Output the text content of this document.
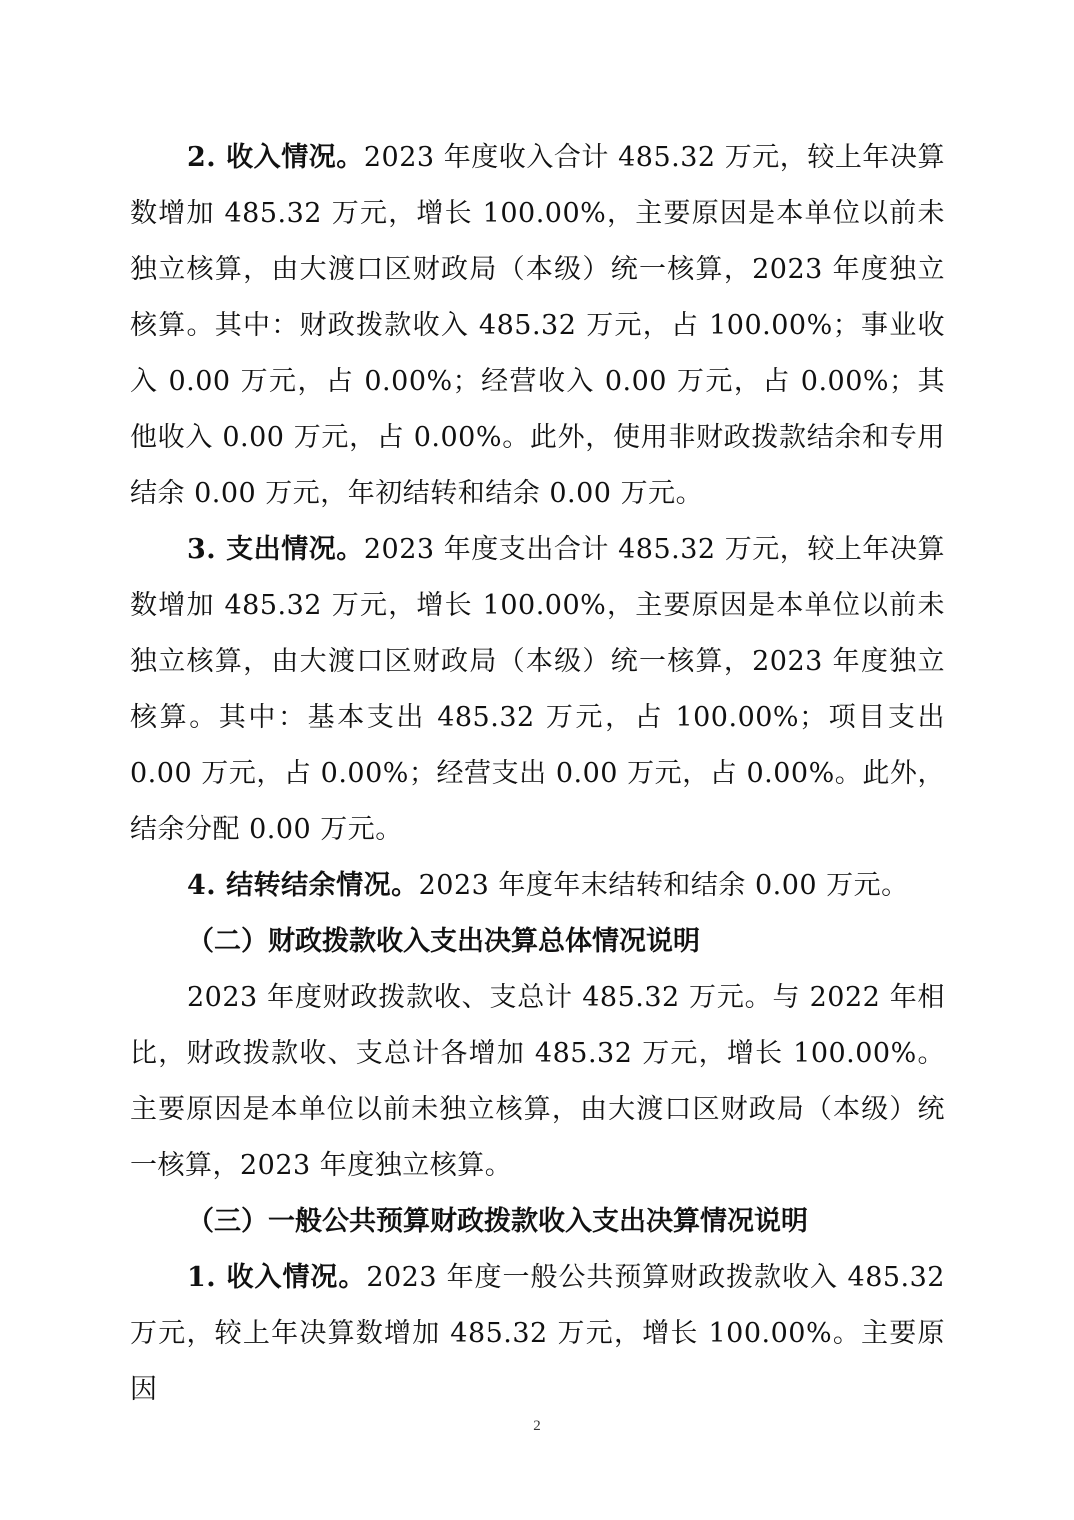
2. 收入情况。2023 年度收入合计 485.32 万元，较上年决算数增加 485.32 万元，增长 100.00%，主要原因是本单位以前未独立核算，由大渡口区财政局（本级）统一核算，2023 年度独立核算。其中：财政拨款收入 485.32 万元，占 100.00%；事业收入 0.00 万元，占 0.00%；经营收入 0.00 万元，占 0.00%；其他收入 0.00 万元，占 0.00%。此外，使用非财政拨款结余和专用结余 0.00 万元，年初结转和结余 0.00 万元。

3. 支出情况。2023 年度支出合计 485.32 万元，较上年决算数增加 485.32 万元，增长 100.00%，主要原因是本单位以前未独立核算，由大渡口区财政局（本级）统一核算，2023 年度独立核算。其中：基本支出 485.32 万元，占 100.00%；项目支出 0.00 万元，占 0.00%；经营支出 0.00 万元，占 0.00%。此外，结余分配 0.00 万元。

4. 结转结余情况。2023 年度年末结转和结余 0.00 万元。

（二）财政拨款收入支出决算总体情况说明

2023 年度财政拨款收、支总计 485.32 万元。与 2022 年相比，财政拨款收、支总计各增加 485.32 万元，增长 100.00%。主要原因是本单位以前未独立核算，由大渡口区财政局（本级）统一核算，2023 年度独立核算。

（三）一般公共预算财政拨款收入支出决算情况说明

1. 收入情况。2023 年度一般公共预算财政拨款收入 485.32 万元，较上年决算数增加 485.32 万元，增长 100.00%。主要原因

2
